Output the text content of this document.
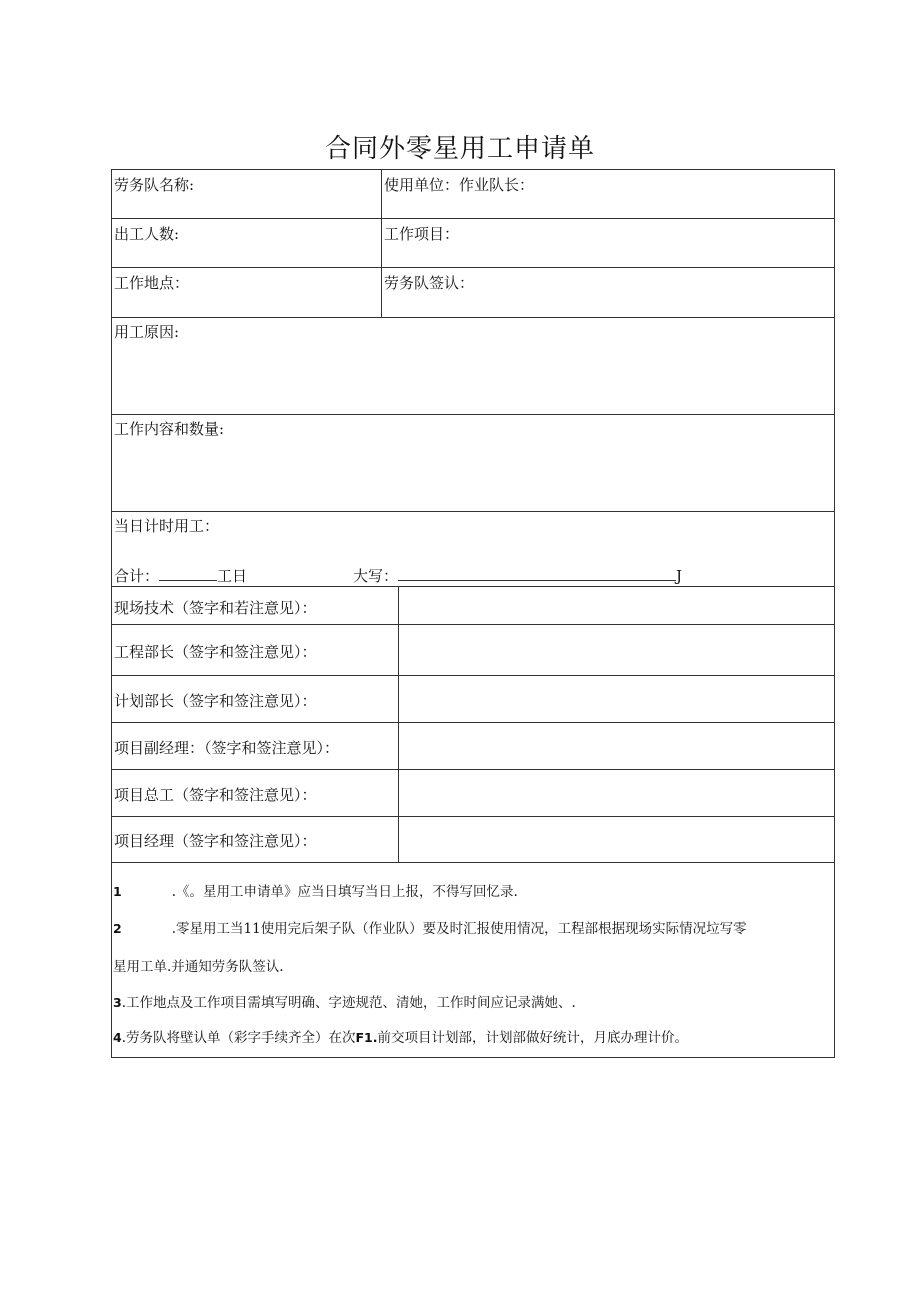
合同外零星用工申请单
劳务队名称:	使用单位：作业队长：
出工人数:	工作项目：
工作地点：	劳务队签认：
用工原因:
工作内容和数量:
当日计时用工：
合计：	工日	大写：	J
现场技术（签字和若注意见）：
工程部长（签字和签注意见）：
计划部长（签字和签注意见）：
项目副经理：（签字和签注意见）：
项目总工（签字和签注意见）：
项目经理（签字和签注意见）：
1	.《。星用工申请单》应当日填写当日上报，不得写回忆录.
2	.零星用工当11使用完后架子队（作业队）要及时汇报使用情况，工程部根据现场实际情况垃写零
星用工单.并通知劳务队签认.
3.工作地点及工作项目需填写明确、字迹规范、清她，工作时间应记录满她、.
4.劳务队将壁认单（彩字手续齐全）在次F1.前交项目计划部，计划部做好统计，月底办理计价。
